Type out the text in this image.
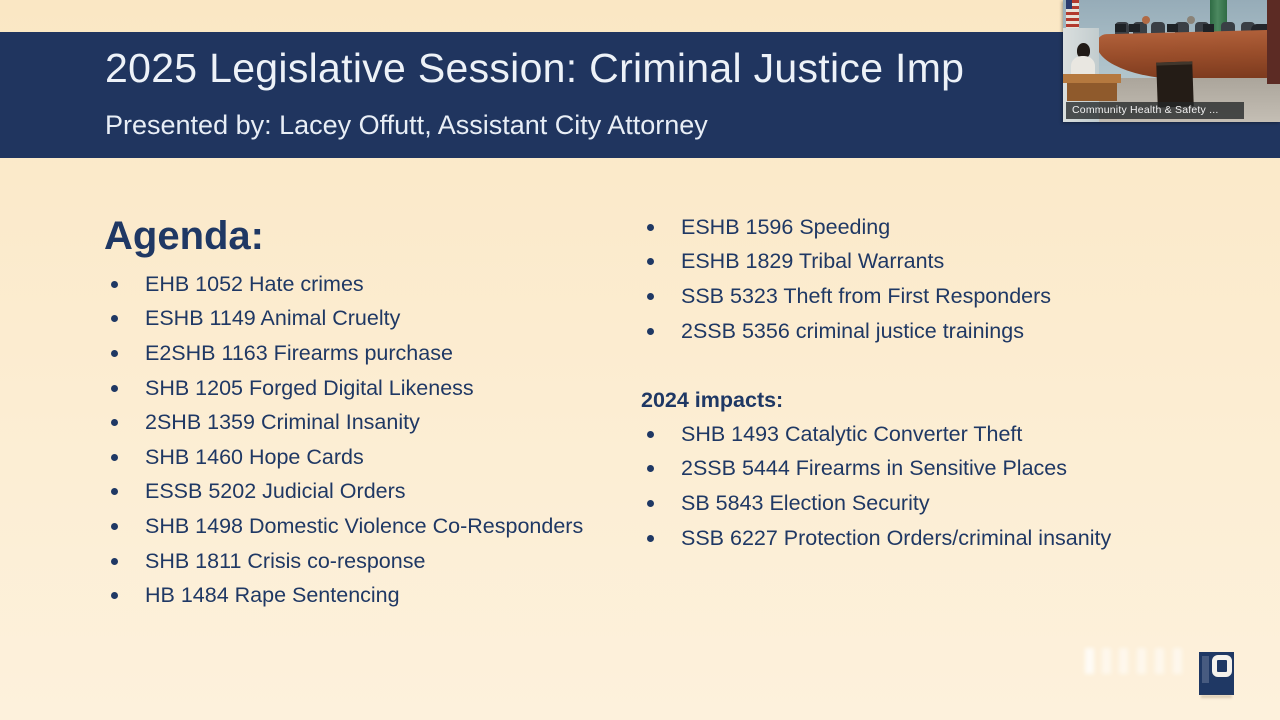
2025 Legislative Session: Criminal Justice Imp
Presented by: Lacey Offutt, Assistant City Attorney
Agenda:
EHB 1052 Hate crimes
ESHB 1149 Animal Cruelty
E2SHB 1163 Firearms purchase
SHB 1205 Forged Digital Likeness
2SHB 1359 Criminal Insanity
SHB 1460 Hope Cards
ESSB 5202 Judicial Orders
SHB 1498 Domestic Violence Co-Responders
SHB 1811 Crisis co-response
HB 1484 Rape Sentencing
ESHB 1596 Speeding
ESHB 1829 Tribal Warrants
SSB 5323 Theft from First Responders
2SSB 5356 criminal justice trainings
2024 impacts:
SHB 1493 Catalytic Converter Theft
2SSB 5444 Firearms in Sensitive Places
SB 5843 Election Security
SSB 6227 Protection Orders/criminal insanity
Community Health & Safety ...
